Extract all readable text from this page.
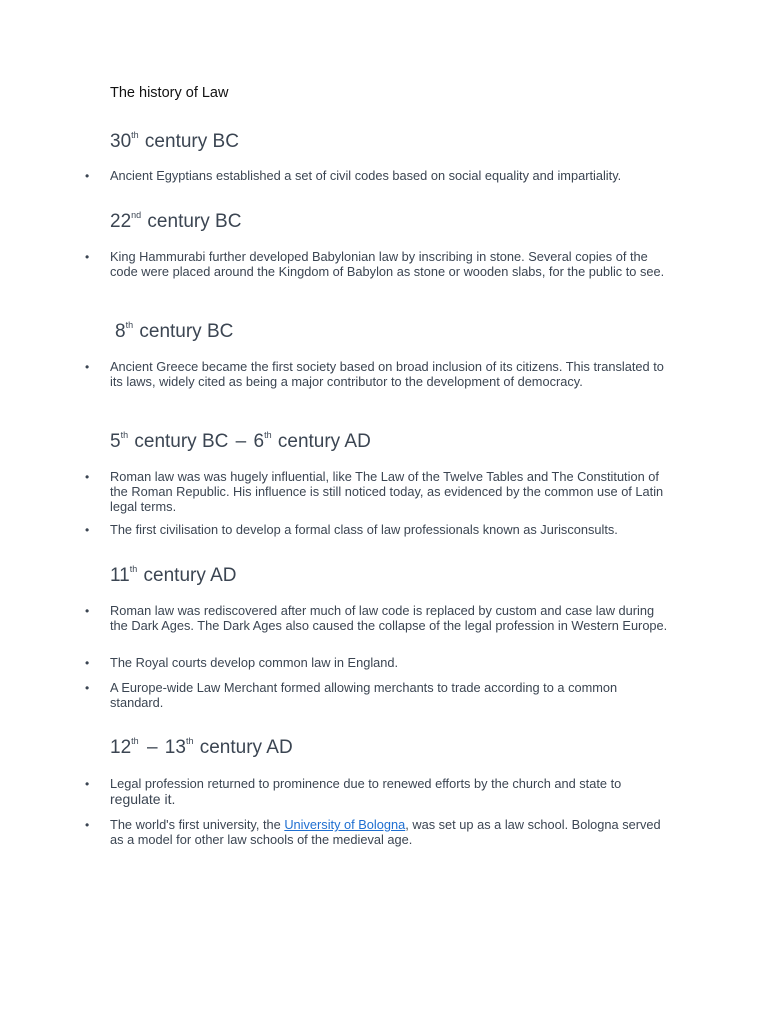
The history of Law
30th century BC

• Ancient Egyptians established a set of civil codes based on social equality and impartiality.

22nd century BC

• King Hammurabi further developed Babylonian law by inscribing in stone. Several copies of the code were placed around the Kingdom of Babylon as stone or wooden slabs, for the public to see.

8th century BC

• Ancient Greece became the first society based on broad inclusion of its citizens. This translated to its laws, widely cited as being a major contributor to the development of democracy.

5th century BC – 6th century AD

• Roman law was was hugely influential, like The Law of the Twelve Tables and The Constitution of the Roman Republic. His influence is still noticed today, as evidenced by the common use of Latin legal terms.

• The first civilisation to develop a formal class of law professionals known as Jurisconsults.

11th century AD

• Roman law was rediscovered after much of law code is replaced by custom and case law during the Dark Ages. The Dark Ages also caused the collapse of the legal profession in Western Europe.

• The Royal courts develop common law in England.

• A Europe-wide Law Merchant formed allowing merchants to trade according to a common standard.

12th – 13th century AD

• Legal profession returned to prominence due to renewed efforts by the church and state to
regulate it.

• The world's first university, the University of Bologna, was set up as a law school. Bologna served as a model for other law schools of the medieval age.
